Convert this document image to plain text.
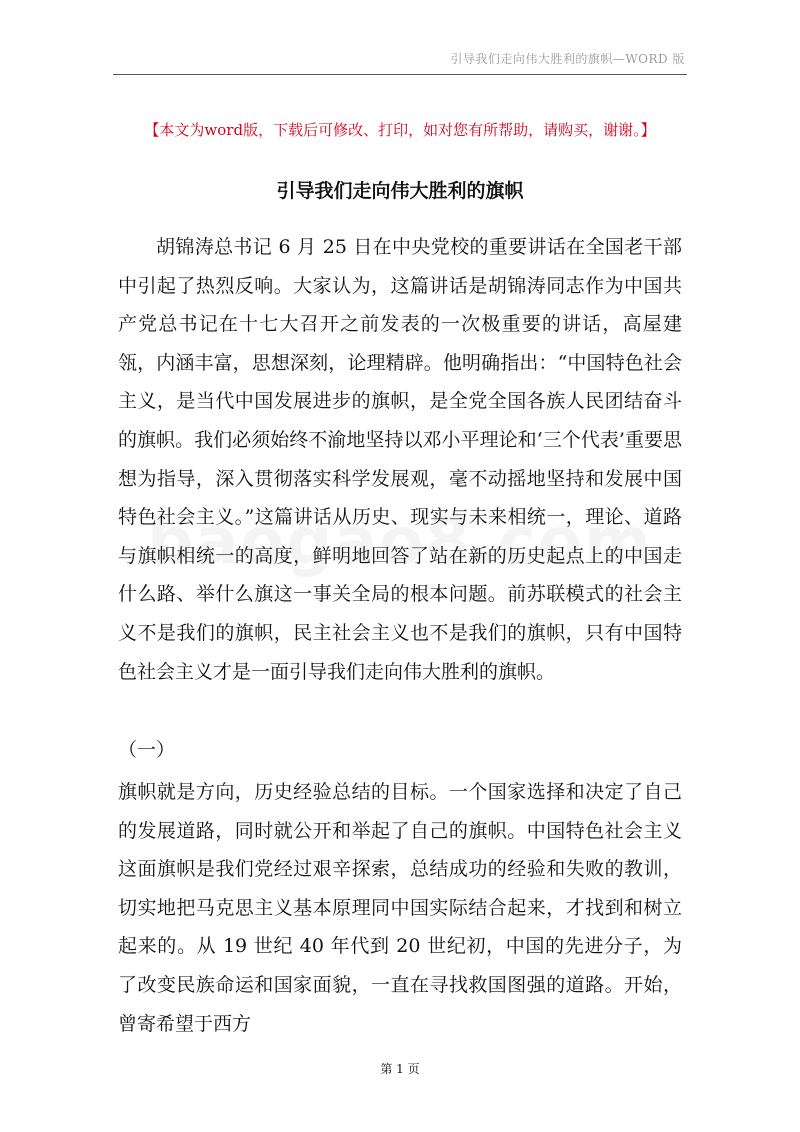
引导我们走向伟大胜利的旗帜—WORD 版
【本文为word版，下载后可修改、打印，如对您有所帮助，请购买，谢谢。】
引导我们走向伟大胜利的旗帜

胡锦涛总书记 6 月 25 日在中央党校的重要讲话在全国老干部中引起了热烈反响。大家认为，这篇讲话是胡锦涛同志作为中国共产党总书记在十七大召开之前发表的一次极重要的讲话，高屋建瓴，内涵丰富，思想深刻，论理精辟。他明确指出：“中国特色社会主义，是当代中国发展进步的旗帜，是全党全国各族人民团结奋斗的旗帜。我们必须始终不渝地坚持以邓小平理论和‘三个代表’重要思想为指导，深入贯彻落实科学发展观，毫不动摇地坚持和发展中国特色社会主义。”这篇讲话从历史、现实与未来相统一，理论、道路与旗帜相统一的高度，鲜明地回答了站在新的历史起点上的中国走什么路、举什么旗这一事关全局的根本问题。前苏联模式的社会主义不是我们的旗帜，民主社会主义也不是我们的旗帜，只有中国特色社会主义才是一面引导我们走向伟大胜利的旗帜。

（一）

旗帜就是方向，历史经验总结的目标。一个国家选择和决定了自己的发展道路，同时就公开和举起了自己的旗帜。中国特色社会主义这面旗帜是我们党经过艰辛探索，总结成功的经验和失败的教训，切实地把马克思主义基本原理同中国实际结合起来，才找到和树立起来的。从 19 世纪 40 年代到 20 世纪初，中国的先进分子，为了改变民族命运和国家面貌，一直在寻找救国图强的道路。开始，曾寄希望于西方

第 1 页
